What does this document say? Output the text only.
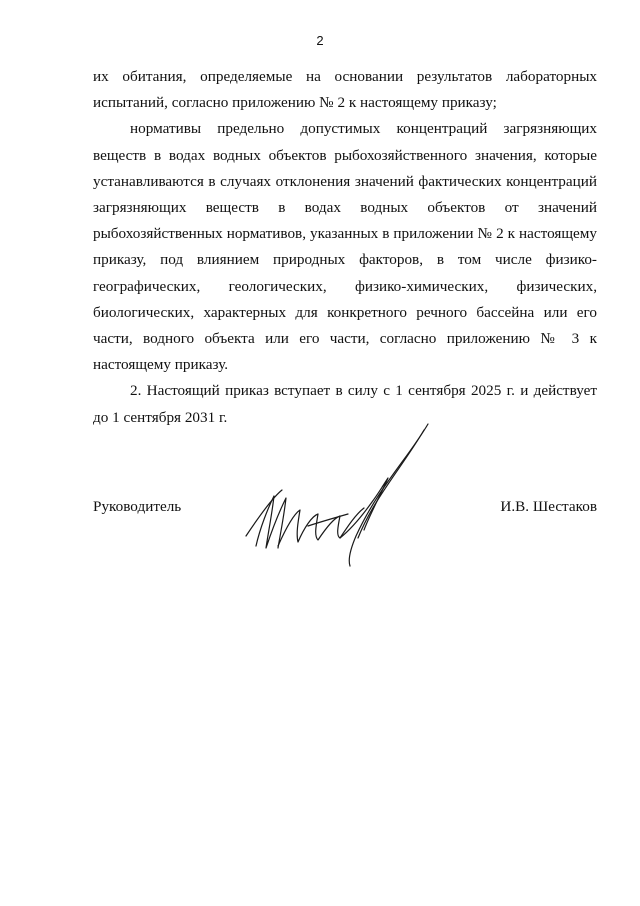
2

их обитания, определяемые на основании результатов лабораторных испытаний, согласно приложению № 2 к настоящему приказу;

нормативы предельно допустимых концентраций загрязняющих веществ в водах водных объектов рыбохозяйственного значения, которые устанавливаются в случаях отклонения значений фактических концентраций загрязняющих веществ в водах водных объектов от значений рыбохозяйственных нормативов, указанных в приложении № 2 к настоящему приказу, под влиянием природных факторов, в том числе физико-географических, геологических, физико-химических, физических, биологических, характерных для конкретного речного бассейна или его части, водного объекта или его части, согласно приложению № 3 к настоящему приказу.

2. Настоящий приказ вступает в силу с 1 сентября 2025 г. и действует до 1 сентября 2031 г.

Руководитель	И.В. Шестаков
